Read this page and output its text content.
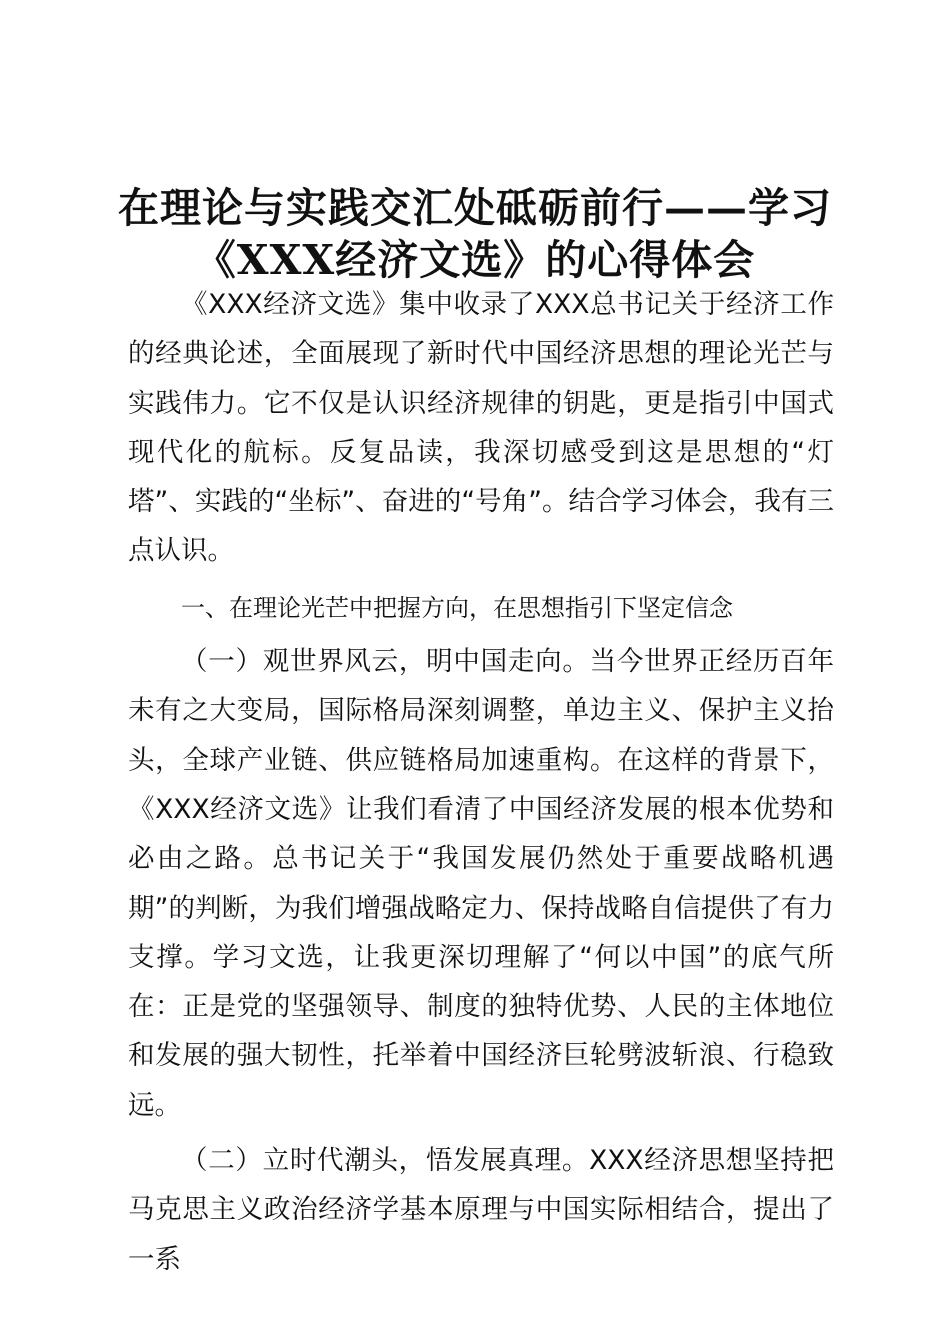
在理论与实践交汇处砥砺前行——学习
《XXX经济文选》的心得体会

《XXX经济文选》集中收录了XXX总书记关于经济工作的经典论述，全面展现了新时代中国经济思想的理论光芒与实践伟力。它不仅是认识经济规律的钥匙，更是指引中国式现代化的航标。反复品读，我深切感受到这是思想的“灯塔”、实践的“坐标”、奋进的“号角”。结合学习体会，我有三点认识。

一、在理论光芒中把握方向，在思想指引下坚定信念

（一）观世界风云，明中国走向。当今世界正经历百年未有之大变局，国际格局深刻调整，单边主义、保护主义抬头，全球产业链、供应链格局加速重构。在这样的背景下，《XXX经济文选》让我们看清了中国经济发展的根本优势和必由之路。总书记关于“我国发展仍然处于重要战略机遇期”的判断，为我们增强战略定力、保持战略自信提供了有力支撑。学习文选，让我更深切理解了“何以中国”的底气所在：正是党的坚强领导、制度的独特优势、人民的主体地位和发展的强大韧性，托举着中国经济巨轮劈波斩浪、行稳致远。

（二）立时代潮头，悟发展真理。XXX经济思想坚持把马克思主义政治经济学基本原理与中国实际相结合，提出了一系
